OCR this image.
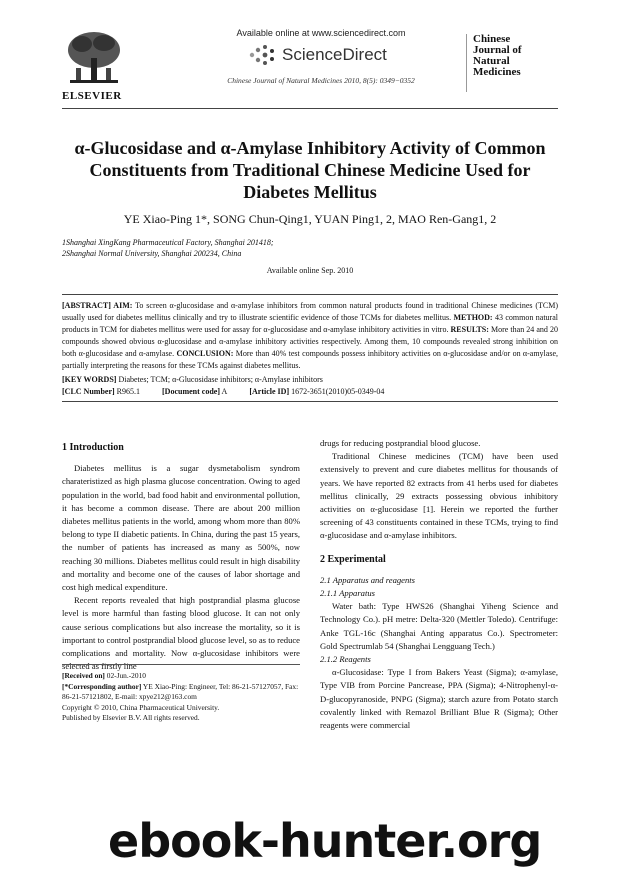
ELSEVIER
Available online at www.sciencedirect.com
ScienceDirect
Chinese Journal of Natural Medicines 2010, 8(5): 0349−0352
Chinese
Journal of
Natural
Medicines
α-Glucosidase and α-Amylase Inhibitory Activity of Common Constituents from Traditional Chinese Medicine Used for Diabetes Mellitus
YE Xiao-Ping 1*, SONG Chun-Qing1, YUAN Ping1, 2, MAO Ren-Gang1, 2
1Shanghai XingKang Pharmaceutical Factory, Shanghai 201418;
2Shanghai Normal University, Shanghai 200234, China
Available online Sep. 2010
[ABSTRACT] AIM: To screen α-glucosidase and α-amylase inhibitors from common natural products found in traditional Chinese medicines (TCM) usually used for diabetes mellitus clinically and try to illustrate scientific evidence of those TCMs for diabetes mellitus. METHOD: 43 common natural products in TCM for diabetes mellitus were used for assay for α-glucosidase and α-amylase inhibitory activities in vitro. RESULTS: More than 24 and 20 compounds showed obvious α-glucosidase and α-amylase inhibitory activities respectively. Among them, 10 compounds revealed strong inhibition on both α-glucosidase and α-amylase. CONCLUSION: More than 40% test compounds possess inhibitory activities on α-glucosidase and/or on α-amylase, partially interpreting the reasons for these TCMs against diabetes mellitus.
[KEY WORDS] Diabetes; TCM; α-Glucosidase inhibitors; α-Amylase inhibitors
[CLC Number] R965.1	[Document code] A	[Article ID] 1672-3651(2010)05-0349-04
1 Introduction

Diabetes mellitus is a sugar dysmetabolism syndrom charateristized as high plasma glucose concentration. Owing to aged population in the world, bad food habit and environmental pollution, it has become a common disease. There are about 200 million diabetes mellitus patients in the world, among whom more than 80% belong to type II diabetic patients. In China, during the past 15 years, the number of patients has increased as many as 500%, now reaching 30 millions. Diabetes mellitus could result in high disability and mortality and become one of the causes of labor shortage and cost high medical expenditure.

Recent reports revealed that high postprandial plasma glucose level is more harmful than fasting blood glucose. It can not only cause serious complications but also increase the mortality, so it is important to control postprandial blood glucose level, so as to reduce complications and mortality. Now α-glucosidase inhibitors were selected as firstly line

[Received on] 02-Jun.-2010
[*Corresponding author] YE Xiao-Ping: Engineer, Tel: 86-21-57127057, Fax: 86-21-57121802, E-mail: xpye212@163.com
Copyright © 2010, China Pharmaceutical University.
Published by Elsevier B.V. All rights reserved.

drugs for reducing postprandial blood glucose.

Traditional Chinese medicines (TCM) have been used extensively to prevent and cure diabetes mellitus for thousands of years. We have reported 82 extracts from 41 herbs used for diabetes mellitus clinically, 29 extracts possessing obvious inhibitory activities on α-glucosidase [1]. Herein we reported the further screening of 43 constituents contained in these TCMs, trying to find α-glucosidase and α-amylase inhibitors.

2 Experimental
2.1 Apparatus and reagents
2.1.1 Apparatus

Water bath: Type HWS26 (Shanghai Yiheng Science and Technology Co.). pH metre: Delta-320 (Mettler Toledo). Centrifuge: Anke TGL-16c (Shanghai Anting apparatus Co.). Spectrometer: Gold Spectrumlab 54 (Shanghai Lengguang Tech.)

2.1.2 Reagents

α-Glucosidase: Type I from Bakers Yeast (Sigma); α-amylase, Type VIB from Porcine Pancrease, PPA (Sigma); 4-Nitrophenyl-α-D-glucopyranoside, PNPG (Sigma); starch azure from Potato starch covalently linked with Remazol Brilliant Blue R (Sigma); Other reagents were commercial

ebook-hunter.org
